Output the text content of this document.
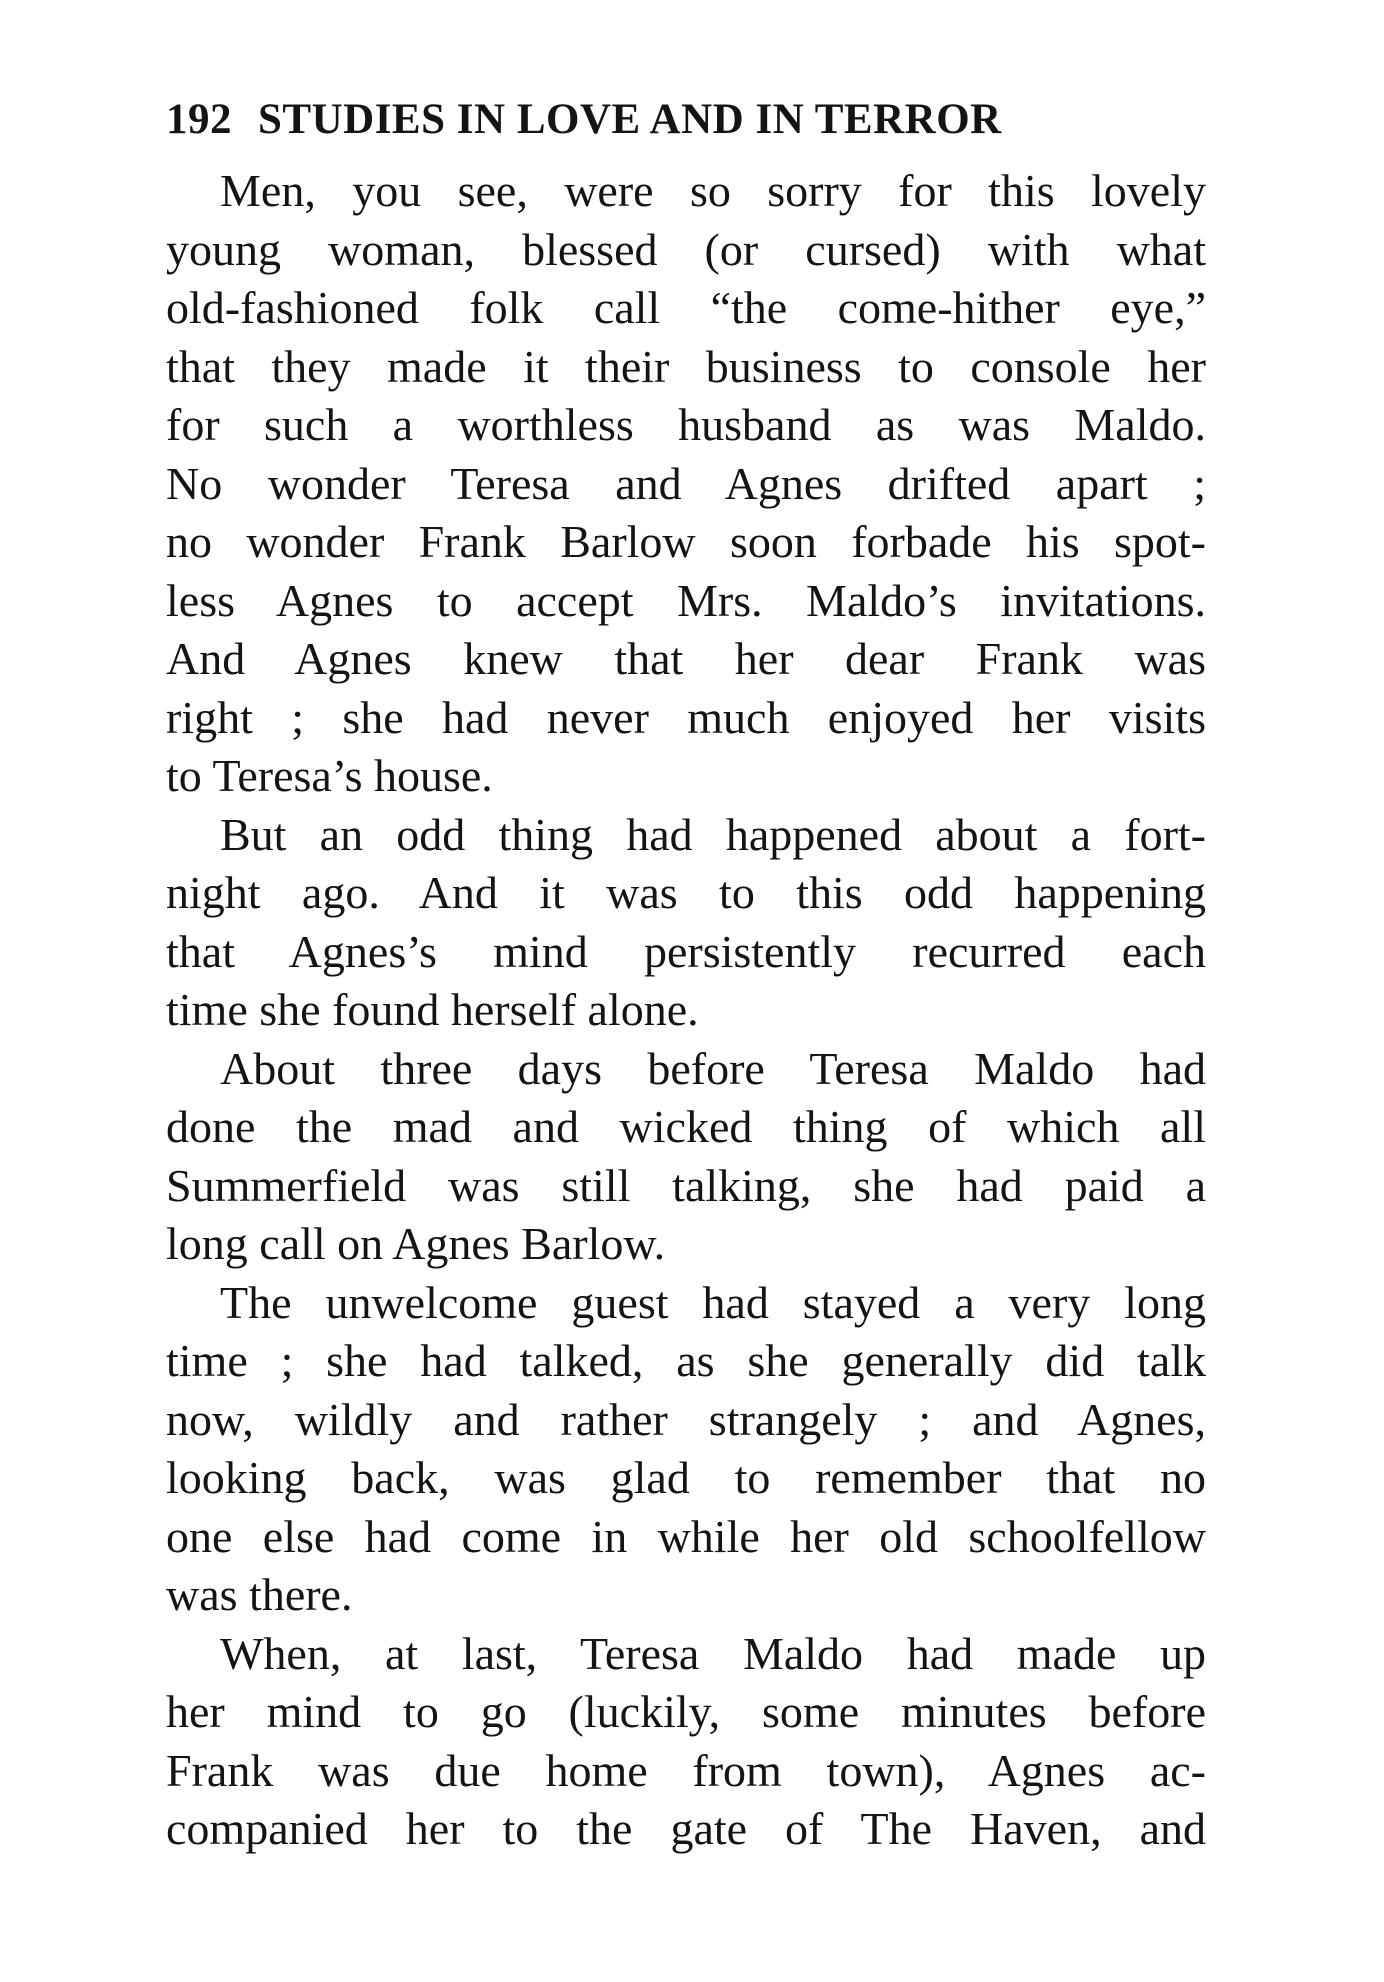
192 STUDIES IN LOVE AND IN TERROR

Men, you see, were so sorry for this lovely
young woman, blessed (or cursed) with what
old-fashioned folk call “the come-hither eye,”
that they made it their business to console her
for such a worthless husband as was Maldo.
No wonder Teresa and Agnes drifted apart ;
no wonder Frank Barlow soon forbade his spot-
less Agnes to accept Mrs. Maldo’s invitations.
And Agnes knew that her dear Frank was
right ; she had never much enjoyed her visits
to Teresa’s house.

But an odd thing had happened about a fort-
night ago. And it was to this odd happening
that Agnes’s mind persistently recurred each
time she found herself alone.

About three days before Teresa Maldo had
done the mad and wicked thing of which all
Summerfield was still talking, she had paid a
long call on Agnes Barlow.

The unwelcome guest had stayed a very long
time ; she had talked, as she generally did talk
now, wildly and rather strangely ; and Agnes,
looking back, was glad to remember that no
one else had come in while her old schoolfellow
was there.

When, at last, Teresa Maldo had made up
her mind to go (luckily, some minutes before
Frank was due home from town), Agnes ac-
companied her to the gate of The Haven, and
